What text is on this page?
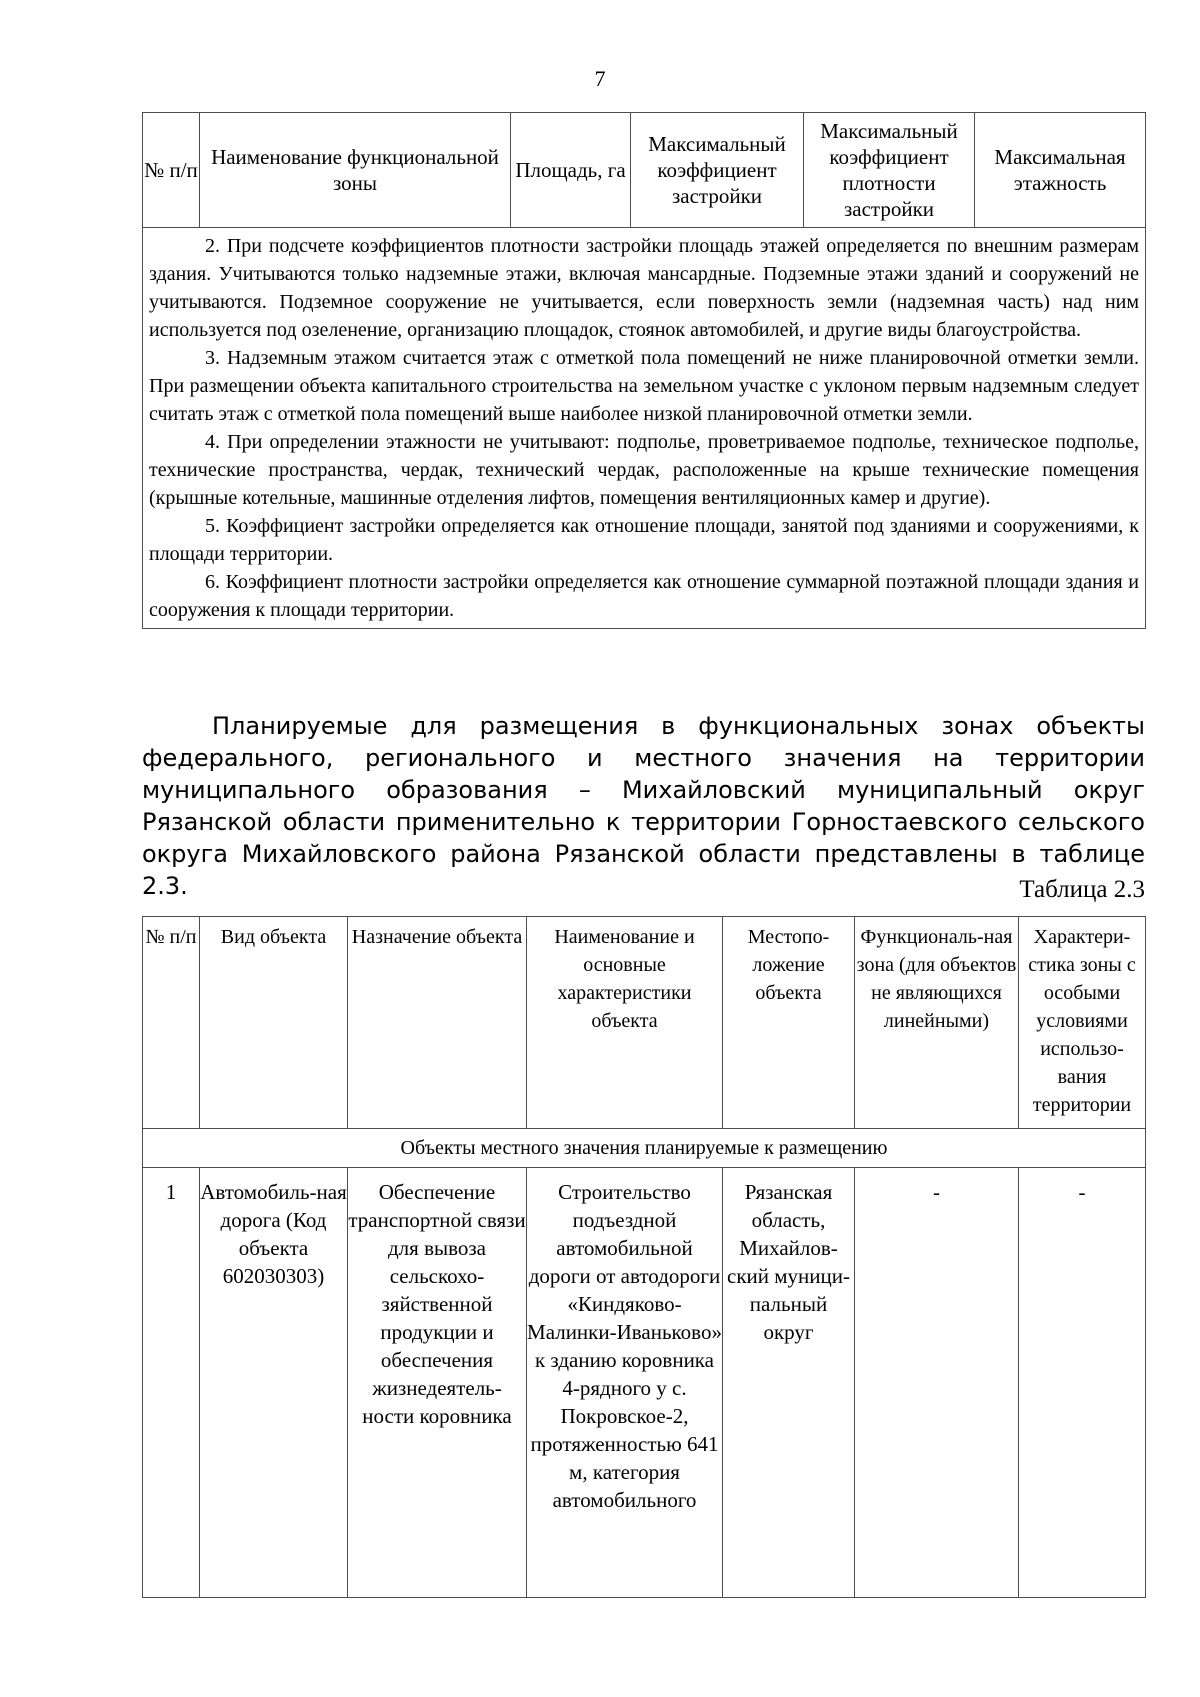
7
№ п/п	Наименование функциональной зоны	Площадь, га	Максимальный коэффициент застройки	Максимальный коэффициент плотности застройки	Максимальная этажность

2. При подсчете коэффициентов плотности застройки площадь этажей определяется по внешним размерам здания. Учитываются только надземные этажи, включая мансардные. Подземные этажи зданий и сооружений не учитываются. Подземное сооружение не учитывается, если поверхность земли (надземная часть) над ним используется под озеленение, организацию площадок, стоянок автомобилей, и другие виды благоустройства.

3. Надземным этажом считается этаж с отметкой пола помещений не ниже планировочной отметки земли. При размещении объекта капитального строительства на земельном участке с уклоном первым надземным следует считать этаж с отметкой пола помещений выше наиболее низкой планировочной отметки земли.

4. При определении этажности не учитывают: подполье, проветриваемое подполье, техническое подполье, технические пространства, чердак, технический чердак, расположенные на крыше технические помещения (крышные котельные, машинные отделения лифтов, помещения вентиляционных камер и другие).

5. Коэффициент застройки определяется как отношение площади, занятой под зданиями и сооружениями, к площади территории.

6. Коэффициент плотности застройки определяется как отношение суммарной поэтажной площади здания и сооружения к площади территории.

Планируемые для размещения в функциональных зонах объекты федерального, регионального и местного значения на территории муниципального образования – Михайловский муниципальный округ Рязанской области применительно к территории Горностаевского сельского округа Михайловского района Рязанской области представлены в таблице 2.3.	Таблица 2.3
№ п/п	Вид объекта	Назначение объекта	Наименование и основные характеристики объекта	Местопо-ложение объекта	Функциональ-ная зона (для объектов не являющихся линейными)	Характери-стика зоны с особыми условиями использо-вания территории
Объекты местного значения планируемые к размещению						
1	Автомобиль-ная дорога (Код объекта 602030303)	Обеспечение транспортной связи для вывоза сельскохо-зяйственной продукции и обеспечения жизнедеятель-ности коровника	Строительство подъездной автомобильной дороги от автодороги «Киндяково-Малинки-Иваньково» к зданию коровника 4-рядного у с. Покровское-2, протяженностью 641 м, категория автомобильного	Рязанская область, Михайлов-ский муници-пальный округ	-	-
